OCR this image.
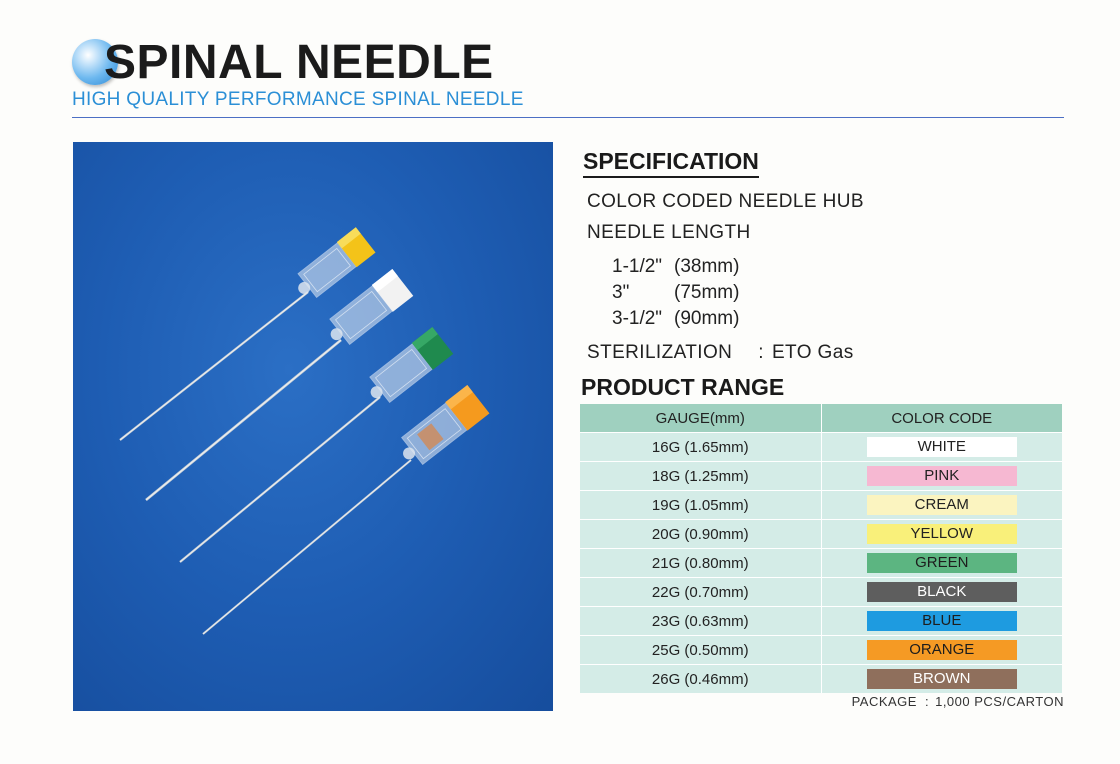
SPINAL NEEDLE
HIGH QUALITY PERFORMANCE SPINAL NEEDLE
SPECIFICATION
COLOR CODED NEEDLE HUB
NEEDLE LENGTH
1-1/2" (38mm)
3" (75mm)
3-1/2" (90mm)
STERILIZATION : ETO Gas
PRODUCT RANGE
GAUGE(mm)	COLOR CODE
16G (1.65mm)	WHITE

18G (1.25mm)	PINK

19G (1.05mm)	CREAM

20G (0.90mm)	YELLOW

21G (0.80mm)	GREEN

22G (0.70mm)	BLACK

23G (0.63mm)	BLUE

25G (0.50mm)	ORANGE

26G (0.46mm)	BROWN
PACKAGE : 1,000 PCS/CARTON
